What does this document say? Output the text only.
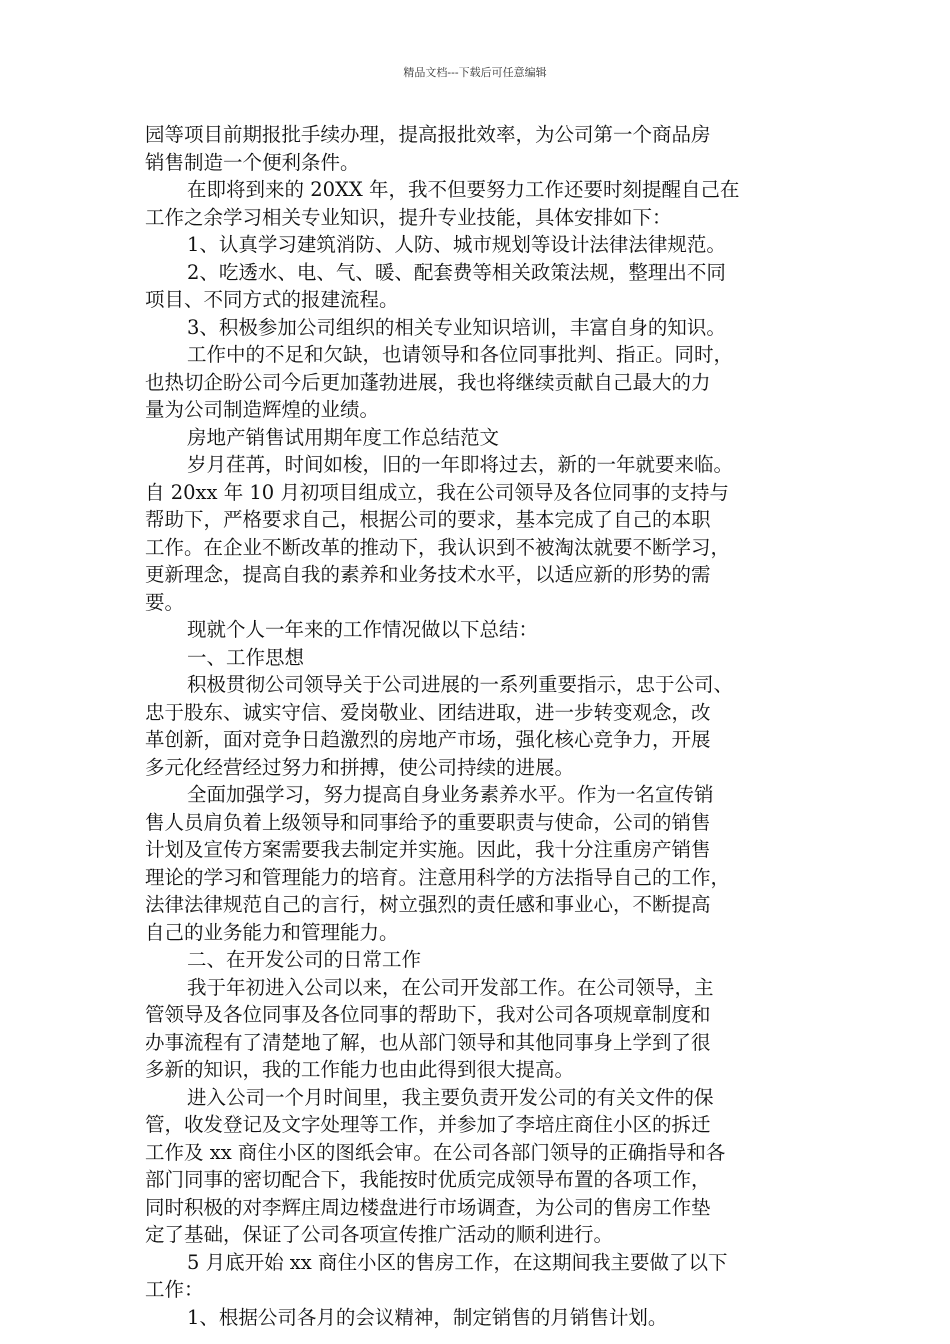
精品文档---下载后可任意编辑
园等项目前期报批手续办理，提高报批效率，为公司第一个商品房
销售制造一个便利条件。
在即将到来的 20XX 年，我不但要努力工作还要时刻提醒自己在
工作之余学习相关专业知识，提升专业技能，具体安排如下：
1、认真学习建筑消防、人防、城市规划等设计法律法律规范。
2、吃透水、电、气、暖、配套费等相关政策法规，整理出不同
项目、不同方式的报建流程。
3、积极参加公司组织的相关专业知识培训，丰富自身的知识。
工作中的不足和欠缺，也请领导和各位同事批判、指正。同时，
也热切企盼公司今后更加蓬勃进展，我也将继续贡献自己最大的力
量为公司制造辉煌的业绩。
房地产销售试用期年度工作总结范文
岁月荏苒，时间如梭，旧的一年即将过去，新的一年就要来临。
自 20xx 年 10 月初项目组成立，我在公司领导及各位同事的支持与
帮助下，严格要求自己，根据公司的要求，基本完成了自己的本职
工作。在企业不断改革的推动下，我认识到不被淘汰就要不断学习，
更新理念，提高自我的素养和业务技术水平，以适应新的形势的需
要。
现就个人一年来的工作情况做以下总结：
一、工作思想
积极贯彻公司领导关于公司进展的一系列重要指示，忠于公司、
忠于股东、诚实守信、爱岗敬业、团结进取，进一步转变观念，改
革创新，面对竞争日趋激烈的房地产市场，强化核心竞争力，开展
多元化经营经过努力和拼搏，使公司持续的进展。
全面加强学习，努力提高自身业务素养水平。作为一名宣传销
售人员肩负着上级领导和同事给予的重要职责与使命，公司的销售
计划及宣传方案需要我去制定并实施。因此，我十分注重房产销售
理论的学习和管理能力的培育。注意用科学的方法指导自己的工作，
法律法律规范自己的言行，树立强烈的责任感和事业心，不断提高
自己的业务能力和管理能力。
二、在开发公司的日常工作
我于年初进入公司以来，在公司开发部工作。在公司领导，主
管领导及各位同事及各位同事的帮助下，我对公司各项规章制度和
办事流程有了清楚地了解，也从部门领导和其他同事身上学到了很
多新的知识，我的工作能力也由此得到很大提高。
进入公司一个月时间里，我主要负责开发公司的有关文件的保
管，收发登记及文字处理等工作，并参加了李培庄商住小区的拆迁
工作及 xx 商住小区的图纸会审。在公司各部门领导的正确指导和各
部门同事的密切配合下，我能按时优质完成领导布置的各项工作，
同时积极的对李辉庄周边楼盘进行市场调查，为公司的售房工作垫
定了基础，保证了公司各项宣传推广活动的顺利进行。
5 月底开始 xx 商住小区的售房工作，在这期间我主要做了以下
工作：
1、根据公司各月的会议精神，制定销售的月销售计划。
